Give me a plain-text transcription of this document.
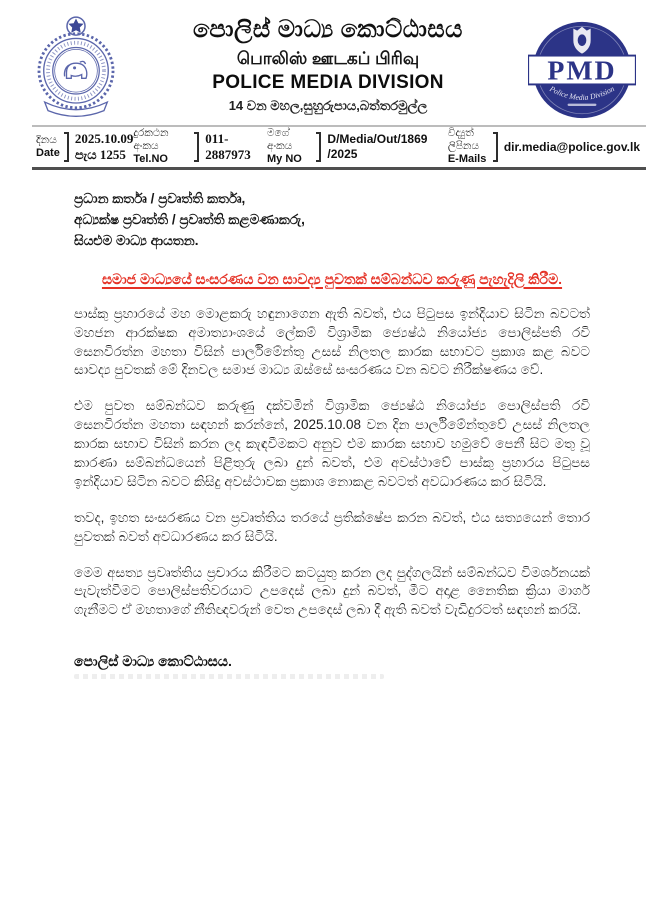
පොලිස් මාධ්‍ය කොට්ඨාසය
பொலிஸ் ஊடகப் பிரிவு
POLICE MEDIA DIVISION
14 වන මහල,සුහුරුපාය,බත්තරමුල්ල
PMD
Police Media Division
දිනය
Date
2025.10.09
පැය 1255
දුරකථන අංකය
Tel.NO
011-2887973
මගේ අංකය
My NO
D/Media/Out/1869 /2025
විද්‍යුත් ලිපිනය
E-Mails
dir.media@police.gov.lk
ප්‍රධාන කර්තෘ / ප්‍රවෘත්ති කර්තෘ,
අධ්‍යක්ෂ ප්‍රවෘත්ති / ප්‍රවෘත්ති කළමණාකරු,
සියළුම මාධ්‍ය ආයතන.
සමාජ මාධ්‍යයේ සංසරණය වන සාවද්‍ය පුවතක් සම්බන්ධව කරුණු පැහැදිලි කිරීම.

පාස්කු ප්‍රහාරයේ මහ මොළකරු හඳුනාගෙන ඇති බවත්, එය පිටුපස ඉන්දියාව සිටින බවටත් මහජන ආරක්ෂක අමාත්‍යාංශයේ ලේකම් විශ්‍රාමික ජ්‍යෙෂ්ඨ නියෝජ්‍ය පොලිස්පති රවි සෙනවිරත්න මහතා විසින් පාර්ලිමේන්තු උසස් නිලතල කාරක සභාවට ප්‍රකාශ කළ බවට සාවද්‍ය පුවතක් මේ දිනවල සමාජ මාධ්‍ය ඔස්සේ සංසරණය වන බවට නිරීක්ෂණය වේ.

එම පුවත සම්බන්ධව කරුණු දක්වමින් විශ්‍රාමික ජ්‍යෙෂ්ඨ නියෝජ්‍ය පොලිස්පති රවි සෙනවිරත්න මහතා සඳහන් කරන්නේ, 2025.10.08 වන දින පාර්ලිමේන්තුවේ උසස් නිලතල කාරක සභාව විසින් කරන ලද කැඳවීමකට අනුව එම කාරක සභාව හමුවේ පෙනී සිට මතු වූ කාරණා සම්බන්ධයෙන් පිළිතුරු ලබා දුන් බවත්, එම අවස්ථාවේ පාස්කු ප්‍රහාරය පිටුපස ඉන්දියාව සිටින බවට කිසිදු අවස්ථාවක ප්‍රකාශ නොකළ බවටත් අවධාරණය කර සිටියි.

තවද, ඉහත සංසරණය වන ප්‍රවෘත්තිය තරයේ ප්‍රතික්ෂේප කරන බවත්, එය සත්‍යයෙන් තොර පුවතක් බවත් අවධාරණය කර සිටියි.

මෙම අසත්‍ය ප්‍රවෘත්තිය ප්‍රචාරය කිරීමට කටයුතු කරන ලද පුද්ගලයින් සම්බන්ධව විමර්ශනයක් පැවැත්වීමට පොලිස්පතිවරයාට උපදෙස් ලබා දුන් බවත්, මීට අදාළ නෛතික ක්‍රියා මාර්ග ගැනීමට ඒ මහතාගේ නීතිඥවරුන් වෙත උපදෙස් ලබා දී ඇති බවත් වැඩිදුරටත් සඳහන් කරයි.

පොලිස් මාධ්‍ය කොට්ඨාසය.
